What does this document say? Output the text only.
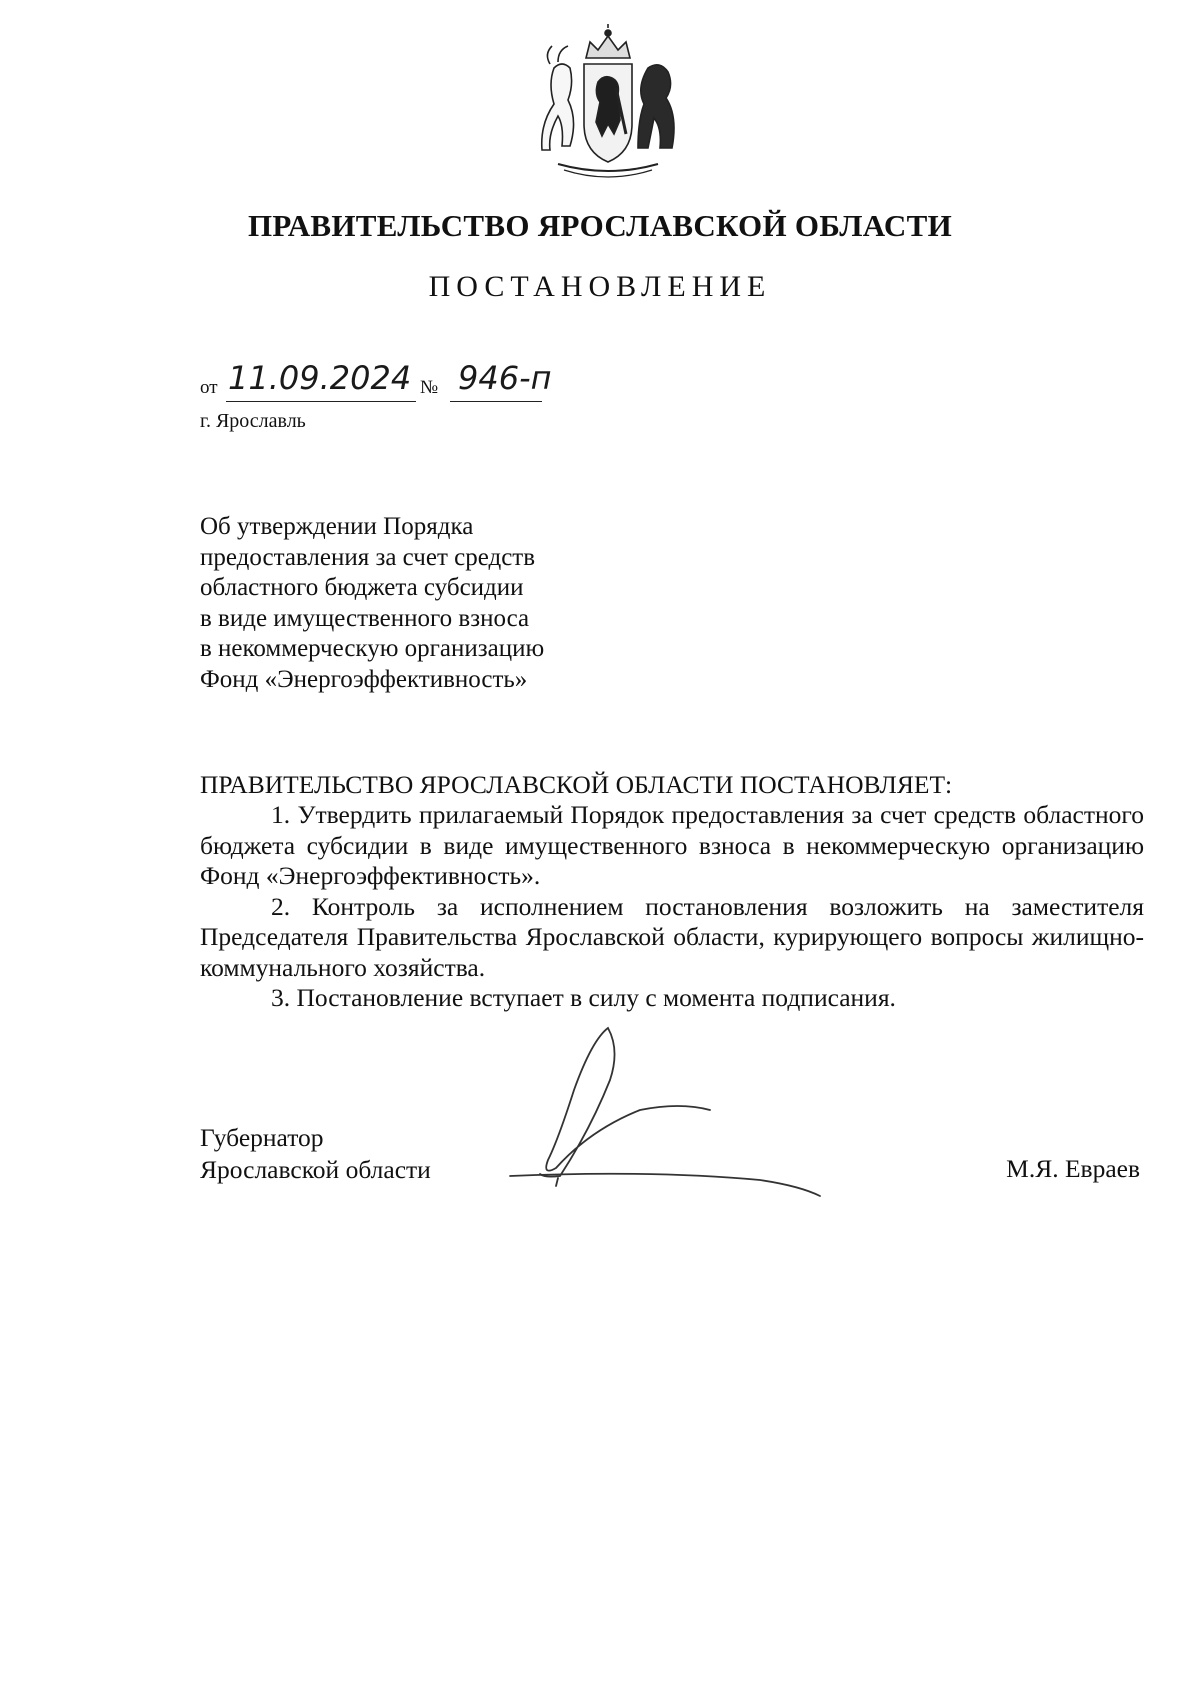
ПРАВИТЕЛЬСТВО ЯРОСЛАВСКОЙ ОБЛАСТИ
ПОСТАНОВЛЕНИЕ
от 11.09.2024 № 946-п
г. Ярославль
Об утверждении Порядка
предоставления за счет средств
областного бюджета субсидии
в виде имущественного взноса
в некоммерческую организацию
Фонд «Энергоэффективность»
ПРАВИТЕЛЬСТВО ЯРОСЛАВСКОЙ ОБЛАСТИ ПОСТАНОВЛЯЕТ:

1. Утвердить прилагаемый Порядок предоставления за счет средств областного бюджета субсидии в виде имущественного взноса в некоммерческую организацию Фонд «Энергоэффективность».

2. Контроль за исполнением постановления возложить на заместителя Председателя Правительства Ярославской области, курирующего вопросы жилищно-коммунального хозяйства.

3. Постановление вступает в силу с момента подписания.

Губернатор
Ярославской области	М.Я. Евраев
